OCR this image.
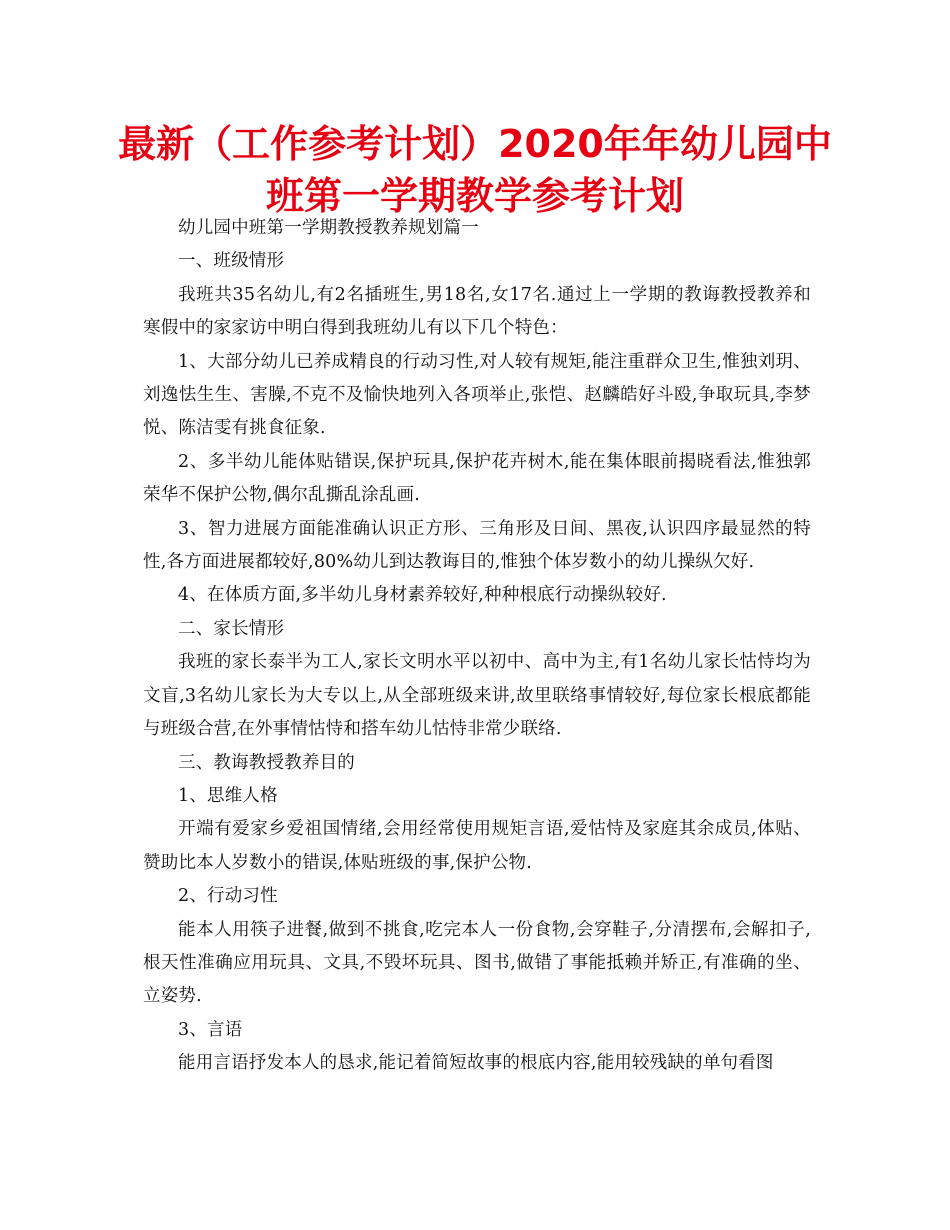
最新（工作参考计划）2020年年幼儿园中班第一学期教学参考计划

幼儿园中班第一学期教授教养规划篇一

一、班级情形

我班共35名幼儿,有2名插班生,男18名,女17名.通过上一学期的教诲教授教养和寒假中的家家访中明白得到我班幼儿有以下几个特色：

1、大部分幼儿已养成精良的行动习性,对人较有规矩,能注重群众卫生,惟独刘玥、刘逸怯生生、害臊,不克不及愉快地列入各项举止,张恺、赵麟皓好斗殴,争取玩具,李梦悦、陈洁雯有挑食征象.

2、多半幼儿能体贴错误,保护玩具,保护花卉树木,能在集体眼前揭晓看法,惟独郭荣华不保护公物,偶尔乱撕乱涂乱画.

3、智力进展方面能准确认识正方形、三角形及日间、黑夜,认识四序最显然的特性,各方面进展都较好,80%幼儿到达教诲目的,惟独个体岁数小的幼儿操纵欠好.

4、在体质方面,多半幼儿身材素养较好,种种根底行动操纵较好.

二、家长情形

我班的家长泰半为工人,家长文明水平以初中、高中为主,有1名幼儿家长怙恃均为文盲,3名幼儿家长为大专以上,从全部班级来讲,故里联络事情较好,每位家长根底都能与班级合营,在外事情怙恃和搭车幼儿怙恃非常少联络.

三、教诲教授教养目的

1、思维人格

开端有爱家乡爱祖国情绪,会用经常使用规矩言语,爱怙恃及家庭其余成员,体贴、赞助比本人岁数小的错误,体贴班级的事,保护公物.

2、行动习性

能本人用筷子进餐,做到不挑食,吃完本人一份食物,会穿鞋子,分清摆布,会解扣子,根天性准确应用玩具、文具,不毁坏玩具、图书,做错了事能抵赖并矫正,有准确的坐、立姿势.

3、言语

能用言语抒发本人的恳求,能记着简短故事的根底内容,能用较残缺的单句看图
